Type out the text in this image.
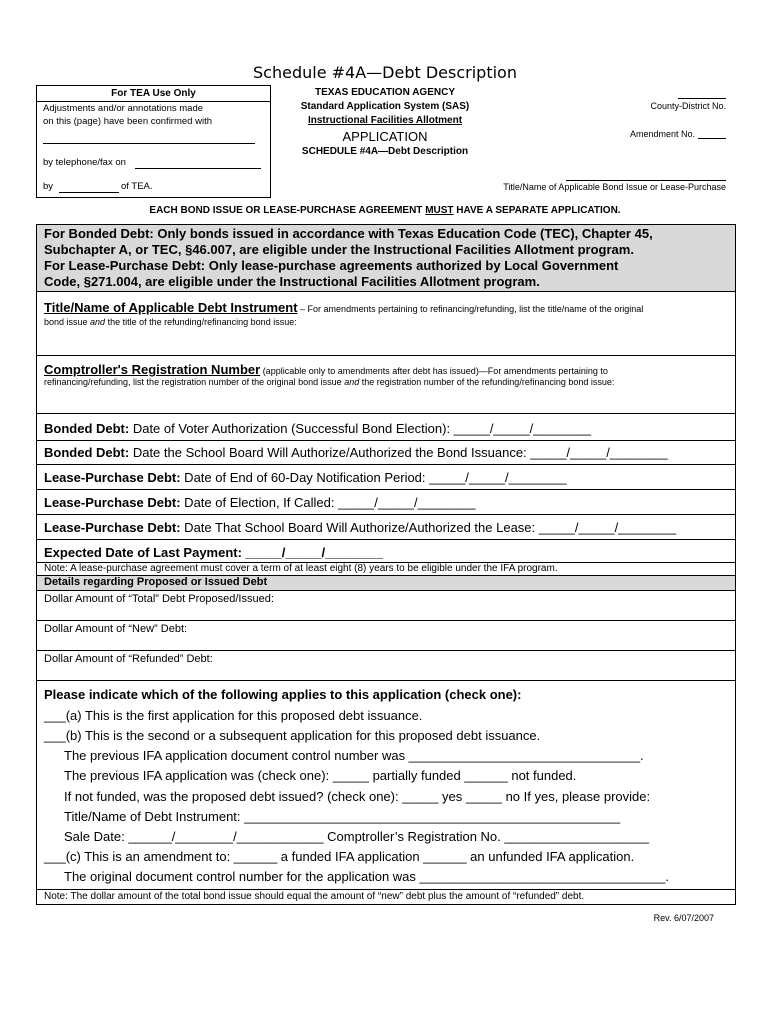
Schedule #4A—Debt Description
For TEA Use Only
Adjustments and/or annotations made
on this (page) have been confirmed with
by telephone/fax on
by	of TEA.
TEXAS EDUCATION AGENCY
Standard Application System (SAS)
Instructional Facilities Allotment
APPLICATION
SCHEDULE #4A—Debt Description
County-District No.
Amendment No.
Title/Name of Applicable Bond Issue or Lease-Purchase
EACH BOND ISSUE OR LEASE-PURCHASE AGREEMENT MUST HAVE A SEPARATE APPLICATION.
For Bonded Debt: Only bonds issued in accordance with Texas Education Code (TEC), Chapter 45,
Subchapter A, or TEC, §46.007, are eligible under the Instructional Facilities Allotment program.
For Lease-Purchase Debt: Only lease-purchase agreements authorized by Local Government
Code, §271.004, are eligible under the Instructional Facilities Allotment program.
Title/Name of Applicable Debt Instrument – For amendments pertaining to refinancing/refunding, list the title/name of the original
bond issue and the title of the refunding/refinancing bond issue:
Comptroller's Registration Number (applicable only to amendments after debt has issued)—For amendments pertaining to
refinancing/refunding, list the registration number of the original bond issue and the registration number of the refunding/refinancing bond issue:
Bonded Debt: Date of Voter Authorization (Successful Bond Election): _____/_____/________
Bonded Debt: Date the School Board Will Authorize/Authorized the Bond Issuance: _____/_____/________
Lease-Purchase Debt: Date of End of 60-Day Notification Period: _____/_____/________
Lease-Purchase Debt: Date of Election, If Called: _____/_____/________
Lease-Purchase Debt: Date That School Board Will Authorize/Authorized the Lease: _____/_____/________
Expected Date of Last Payment: _____/_____/________
Note: A lease-purchase agreement must cover a term of at least eight (8) years to be eligible under the IFA program.
Details regarding Proposed or Issued Debt
Dollar Amount of “Total” Debt Proposed/Issued:
Dollar Amount of “New” Debt:
Dollar Amount of “Refunded” Debt:
Please indicate which of the following applies to this application (check one):
___(a) This is the first application for this proposed debt issuance.
___(b) This is the second or a subsequent application for this proposed debt issuance.
The previous IFA application document control number was ________________________________.
The previous IFA application was (check one): _____ partially funded ______ not funded.
If not funded, was the proposed debt issued? (check one): _____ yes _____ no If yes, please provide:
Title/Name of Debt Instrument: ____________________________________________________
Sale Date: ______/________/____________ Comptroller’s Registration No. ____________________
___(c) This is an amendment to: ______ a funded IFA application ______ an unfunded IFA application.
The original document control number for the application was __________________________________.
Note: The dollar amount of the total bond issue should equal the amount of “new” debt plus the amount of “refunded” debt.
Rev. 6/07/2007
